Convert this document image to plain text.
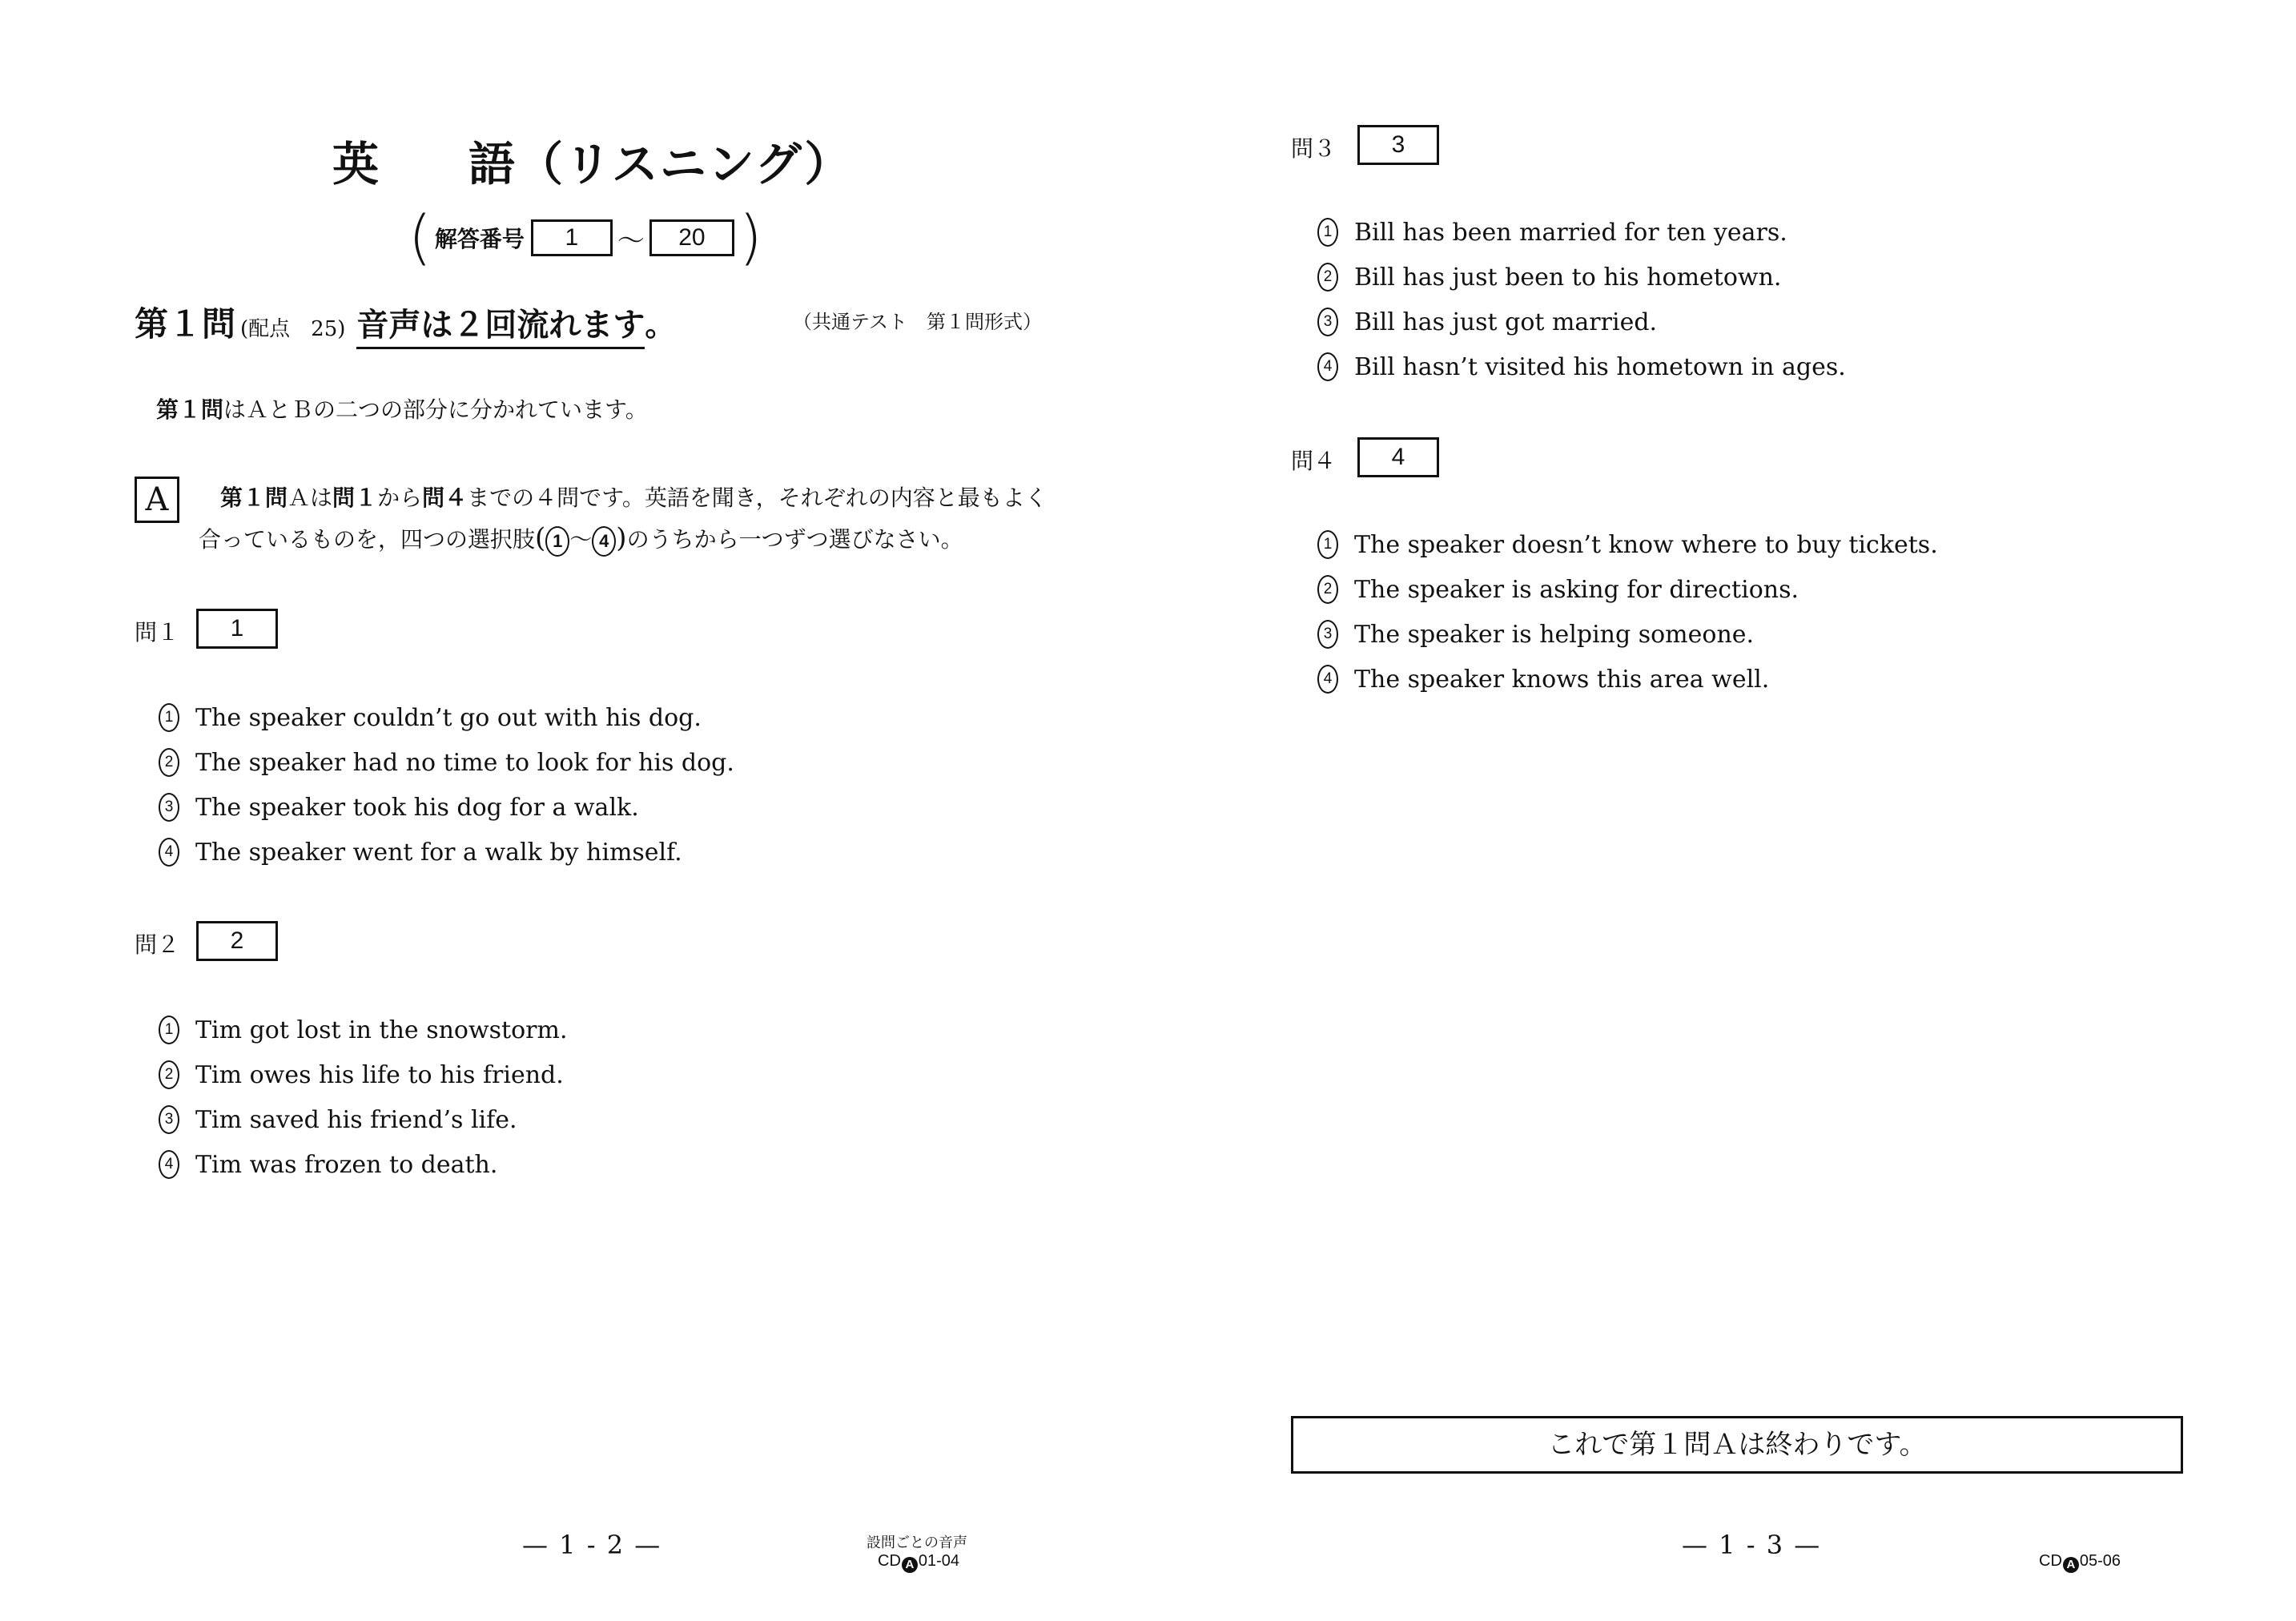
英 語（リスニング）
( 解答番号	1	〜	20 )
第１問 (配点　25) 音声は２回流れます 。	（共通テスト　第１問形式）
第１問はＡとＢの二つの部分に分かれています。
A	第１問Ａは問１から問４までの４問です。英語を聞き，それぞれの内容と最もよく
合っているものを，四つの選択肢( 1 〜 4 )のうちから一つずつ選びなさい。
問１	1
1 The speaker couldn’t go out with his dog.
2 The speaker had no time to look for his dog.
3 The speaker took his dog for a walk.
4 The speaker went for a walk by himself.
問２	2
1 Tim got lost in the snowstorm.
2 Tim owes his life to his friend.
3 Tim saved his friend’s life.
4 Tim was frozen to death.
問３	3
1 Bill has been married for ten years.
2 Bill has just been to his hometown.
3 Bill has just got married.
4 Bill hasn’t visited his hometown in ages.
問４	4
1 The speaker doesn’t know where to buy tickets.
2 The speaker is asking for directions.
3 The speaker is helping someone.
4 The speaker knows this area well.
これで第１問Ａは終わりです。
— 1 - 2 —	設問ごとの音声
CD A 01-04
— 1 - 3 —
CD A 05-06
